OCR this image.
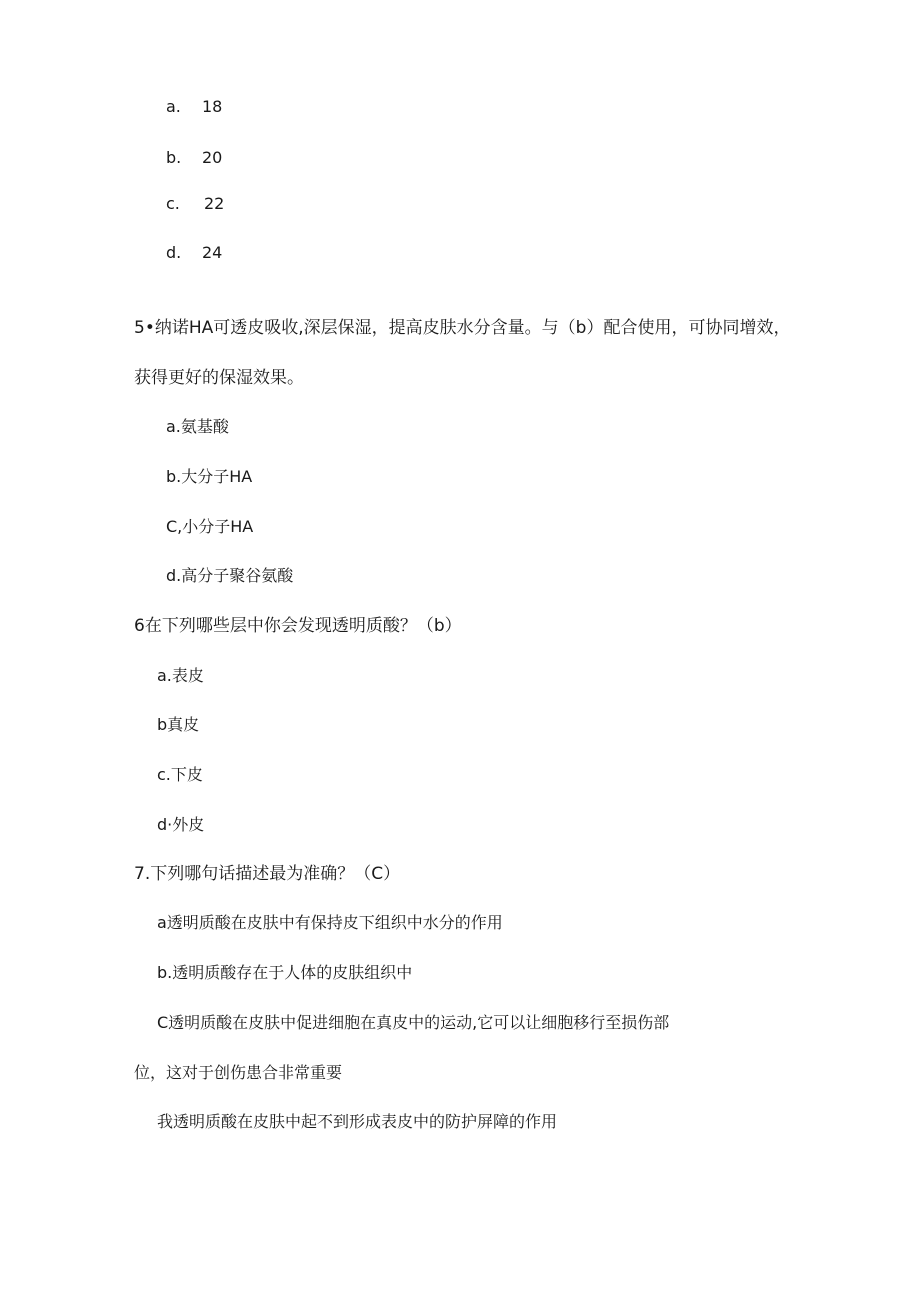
a. 18
b. 20
c. 22
d. 24
5•纳诺HA可透皮吸收,深层保湿，提高皮肤水分含量。与（b）配合使用，可协同增效，
获得更好的保湿效果。
a.氨基酸
b.大分子HA
C,小分子HA
d.高分子聚谷氨酸
6在下列哪些层中你会发现透明质酸？（b）
a.表皮
b真皮
c.下皮
d·外皮
7.下列哪句话描述最为准确？（C）
a透明质酸在皮肤中有保持皮下组织中水分的作用
b.透明质酸存在于人体的皮肤组织中
C透明质酸在皮肤中促进细胞在真皮中的运动,它可以让细胞移行至损伤部
位，这对于创伤患合非常重要
我透明质酸在皮肤中起不到形成表皮中的防护屏障的作用
